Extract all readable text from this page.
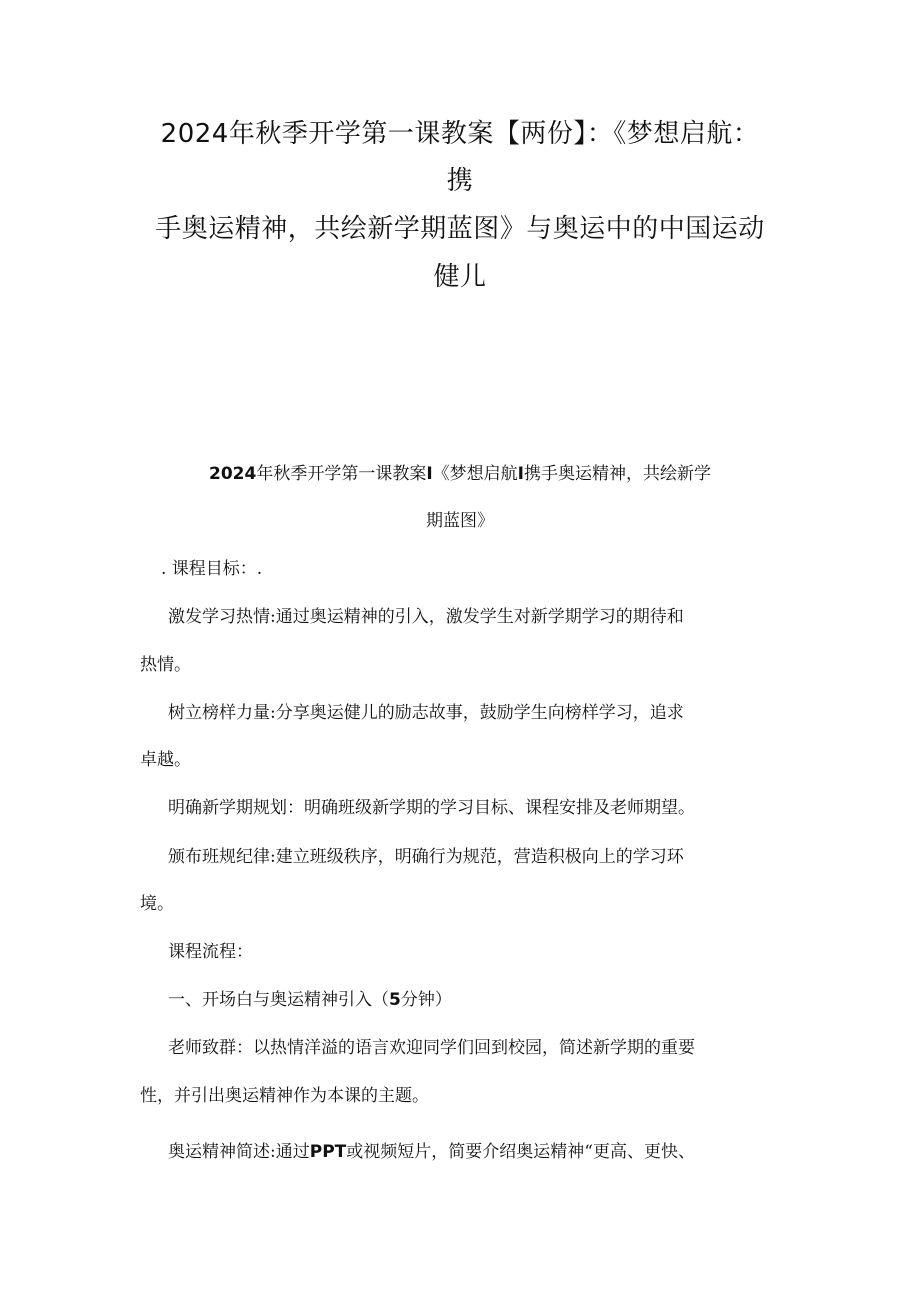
2024年秋季开学第一课教案【两份】：《梦想启航：
携
手奥运精神，共绘新学期蓝图》与奥运中的中国运动
健儿
2024年秋季开学第一课教案I《梦想启航I携手奥运精神，共绘新学
期蓝图》
. 课程目标：.
激发学习热情:通过奥运精神的引入，激发学生对新学期学习的期待和
热情。
树立榜样力量:分享奥运健儿的励志故事，鼓励学生向榜样学习，追求
卓越。
明确新学期规划：明确班级新学期的学习目标、课程安排及老师期望。
颁布班规纪律:建立班级秩序，明确行为规范，营造积极向上的学习环
境。
课程流程：
一、开场白与奥运精神引入（5分钟）
老师致群：以热情洋溢的语言欢迎同学们回到校园，简述新学期的重要
性，并引出奥运精神作为本课的主题。
奥运精神简述:通过PPT或视频短片，简要介绍奥运精神“更高、更快、
